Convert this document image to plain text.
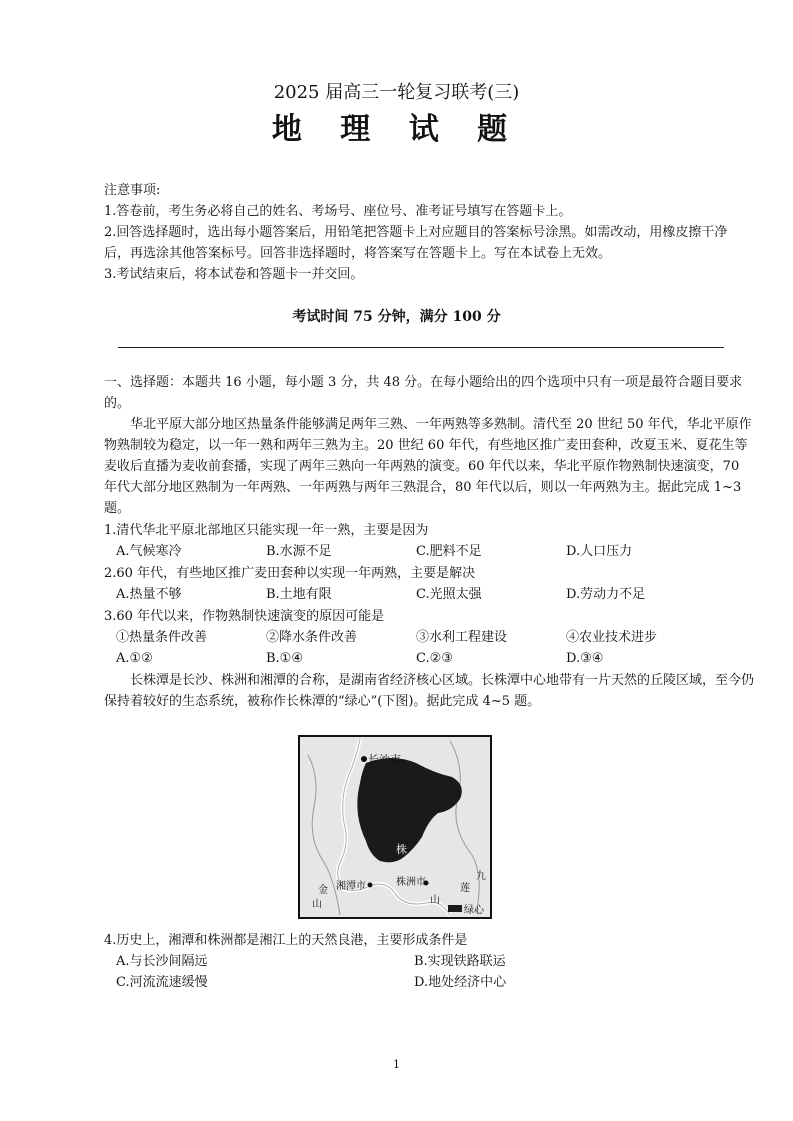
2025 届高三一轮复习联考(三)
地 理 试 题
注意事项:
1.答卷前，考生务必将自己的姓名、考场号、座位号、准考证号填写在答题卡上。
2.回答选择题时，选出每小题答案后，用铅笔把答题卡上对应题目的答案标号涂黑。如需改动，用橡皮擦干净后，再选涂其他答案标号。回答非选择题时，将答案写在答题卡上。写在本试卷上无效。
3.考试结束后，将本试卷和答题卡一并交回。
考试时间 75 分钟，满分 100 分
一、选择题：本题共 16 小题，每小题 3 分，共 48 分。在每小题给出的四个选项中只有一项是最符合题目要求的。
华北平原大部分地区热量条件能够满足两年三熟、一年两熟等多熟制。清代至 20 世纪 50 年代，华北平原作物熟制较为稳定，以一年一熟和两年三熟为主。20 世纪 60 年代，有些地区推广麦田套种，改夏玉米、夏花生等麦收后直播为麦收前套播，实现了两年三熟向一年两熟的演变。60 年代以来，华北平原作物熟制快速演变，70 年代大部分地区熟制为一年两熟、一年两熟与两年三熟混合，80 年代以后，则以一年两熟为主。据此完成 1~3 题。
1.清代华北平原北部地区只能实现一年一熟，主要是因为
A.气候寒冷	B.水源不足	C.肥料不足	D.人口压力
2.60 年代，有些地区推广麦田套种以实现一年两熟，主要是解决
A.热量不够	B.土地有限	C.光照太强	D.劳动力不足
3.60 年代以来，作物熟制快速演变的原因可能是
①热量条件改善	②降水条件改善	③水利工程建设	④农业技术进步
A.①②	B.①④	C.②③	D.③④
长株潭是长沙、株洲和湘潭的合称，是湖南省经济核心区域。长株潭中心地带有一片天然的丘陵区域，至今仍保持着较好的生态系统，被称作长株潭的“绿心”(下图)。据此完成 4~5 题。
长沙市
株
湘潭市	株洲市
金
山
九
莲
山
绿心
4.历史上，湘潭和株洲都是湘江上的天然良港，主要形成条件是
A.与长沙间隔远	B.实现铁路联运
C.河流流速缓慢	D.地处经济中心
1
